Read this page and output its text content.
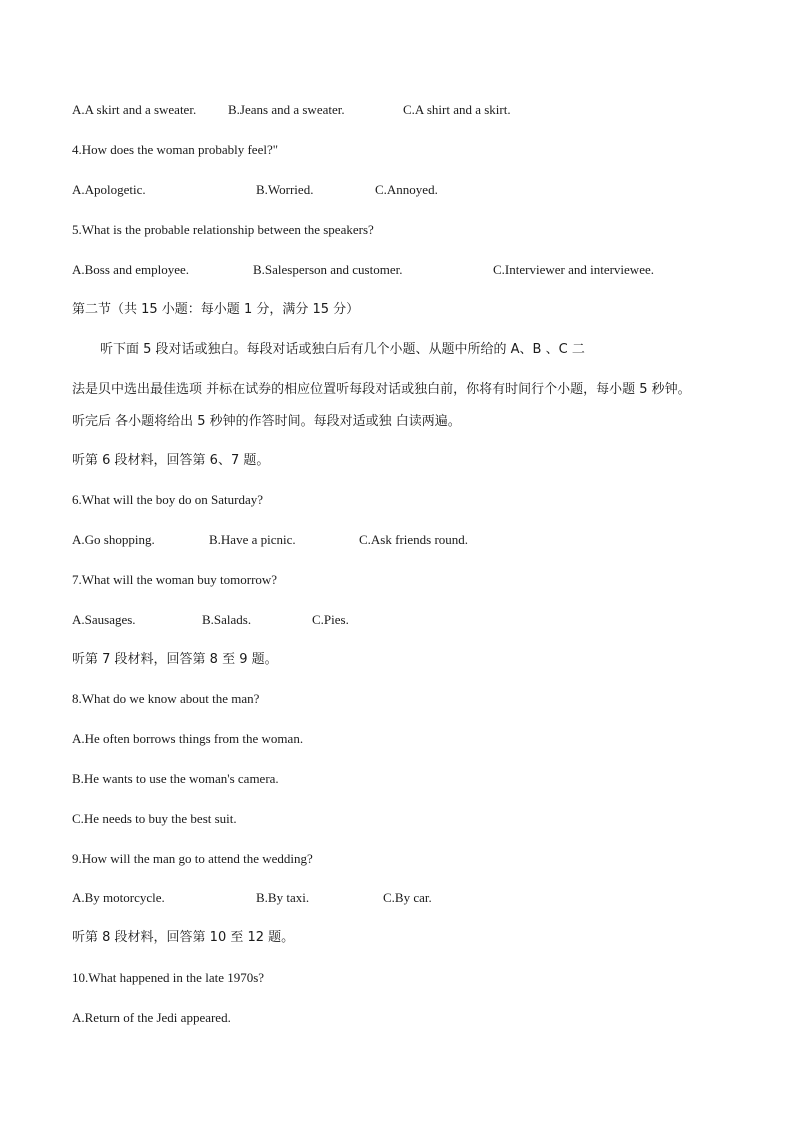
A.A skirt and a sweater. B.Jeans and a sweater.	C.A shirt and a skirt.
4.How does the woman probably feel?"
A.Apologetic.	B.Worried.	C.Annoyed.
5.What is the probable relationship between the speakers?
A.Boss and employee.	B.Salesperson and customer.	C.Interviewer and interviewee.
第二节（共 15 小题：每小题 1 分，满分 15 分）
听下面 5 段对话或独白。每段对话或独白后有几个小题、从题中所给的 A、B 、C 二
法是贝中选出最佳选项 并标在试券的相应位置听每段对话或独白前，你将有时间行个小题，每小题 5 秒钟。
听完后 各小题将给出 5 秒钟的作答时间。每段对适或独 白读两遍。
听第 6 段材料，回答第 6、7 题。
6.What will the boy do on Saturday?
A.Go shopping.	B.Have a picnic.	C.Ask friends round.
7.What will the woman buy tomorrow?
A.Sausages.	B.Salads.	C.Pies.
听第 7 段材料，回答第 8 至 9 题。
8.What do we know about the man?
A.He often borrows things from the woman.
B.He wants to use the woman's camera.
C.He needs to buy the best suit.
9.How will the man go to attend the wedding?
A.By motorcycle.	B.By taxi.	C.By car.
听第 8 段材料，回答第 10 至 12 题。
10.What happened in the late 1970s?
A.Return of the Jedi appeared.
